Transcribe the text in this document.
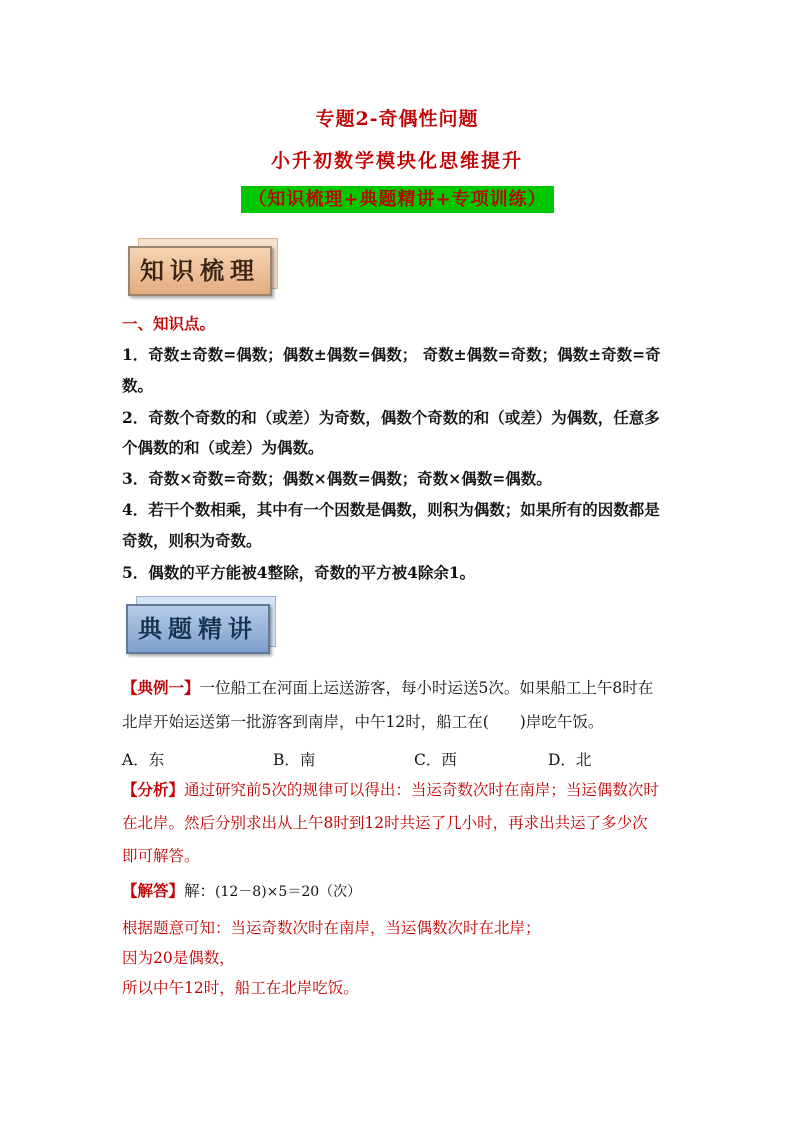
专题2-奇偶性问题
小升初数学模块化思维提升
（知识梳理+典题精讲+专项训练）
知识梳理
一、知识点。
1．奇数±奇数=偶数；偶数±偶数=偶数； 奇数±偶数=奇数；偶数±奇数=奇
数。
2．奇数个奇数的和（或差）为奇数，偶数个奇数的和（或差）为偶数，任意多
个偶数的和（或差）为偶数。
3．奇数×奇数=奇数；偶数×偶数=偶数；奇数×偶数=偶数。
4．若干个数相乘，其中有一个因数是偶数，则积为偶数；如果所有的因数都是
奇数，则积为奇数。
5．偶数的平方能被4整除，奇数的平方被4除余1。
典题精讲
【典例一】一位船工在河面上运送游客，每小时运送5次。如果船工上午8时在
北岸开始运送第一批游客到南岸，中午12时，船工在(　　)岸吃午饭。
A．东	B．南	C．西	D．北
【分析】通过研究前5次的规律可以得出：当运奇数次时在南岸；当运偶数次时
在北岸。然后分别求出从上午8时到12时共运了几小时，再求出共运了多少次
即可解答。
【解答】解：(12－8)×5＝20（次）
根据题意可知：当运奇数次时在南岸，当运偶数次时在北岸；
因为20是偶数，
所以中午12时，船工在北岸吃饭。
